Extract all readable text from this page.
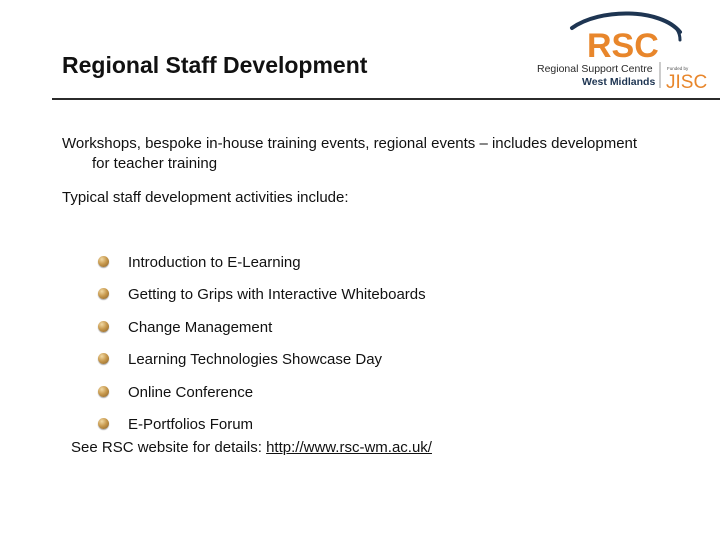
Regional Staff Development	RSC
Regional Support Centre
West Midlands
Funded by
JISC
Workshops, bespoke in-house training events, regional events – includes development for teacher training
Typical staff development activities include:
Introduction to E-Learning
Getting to Grips with Interactive Whiteboards
Change Management
Learning Technologies Showcase Day
Online Conference
E-Portfolios Forum
See RSC website for details: http://www.rsc-wm.ac.uk/
